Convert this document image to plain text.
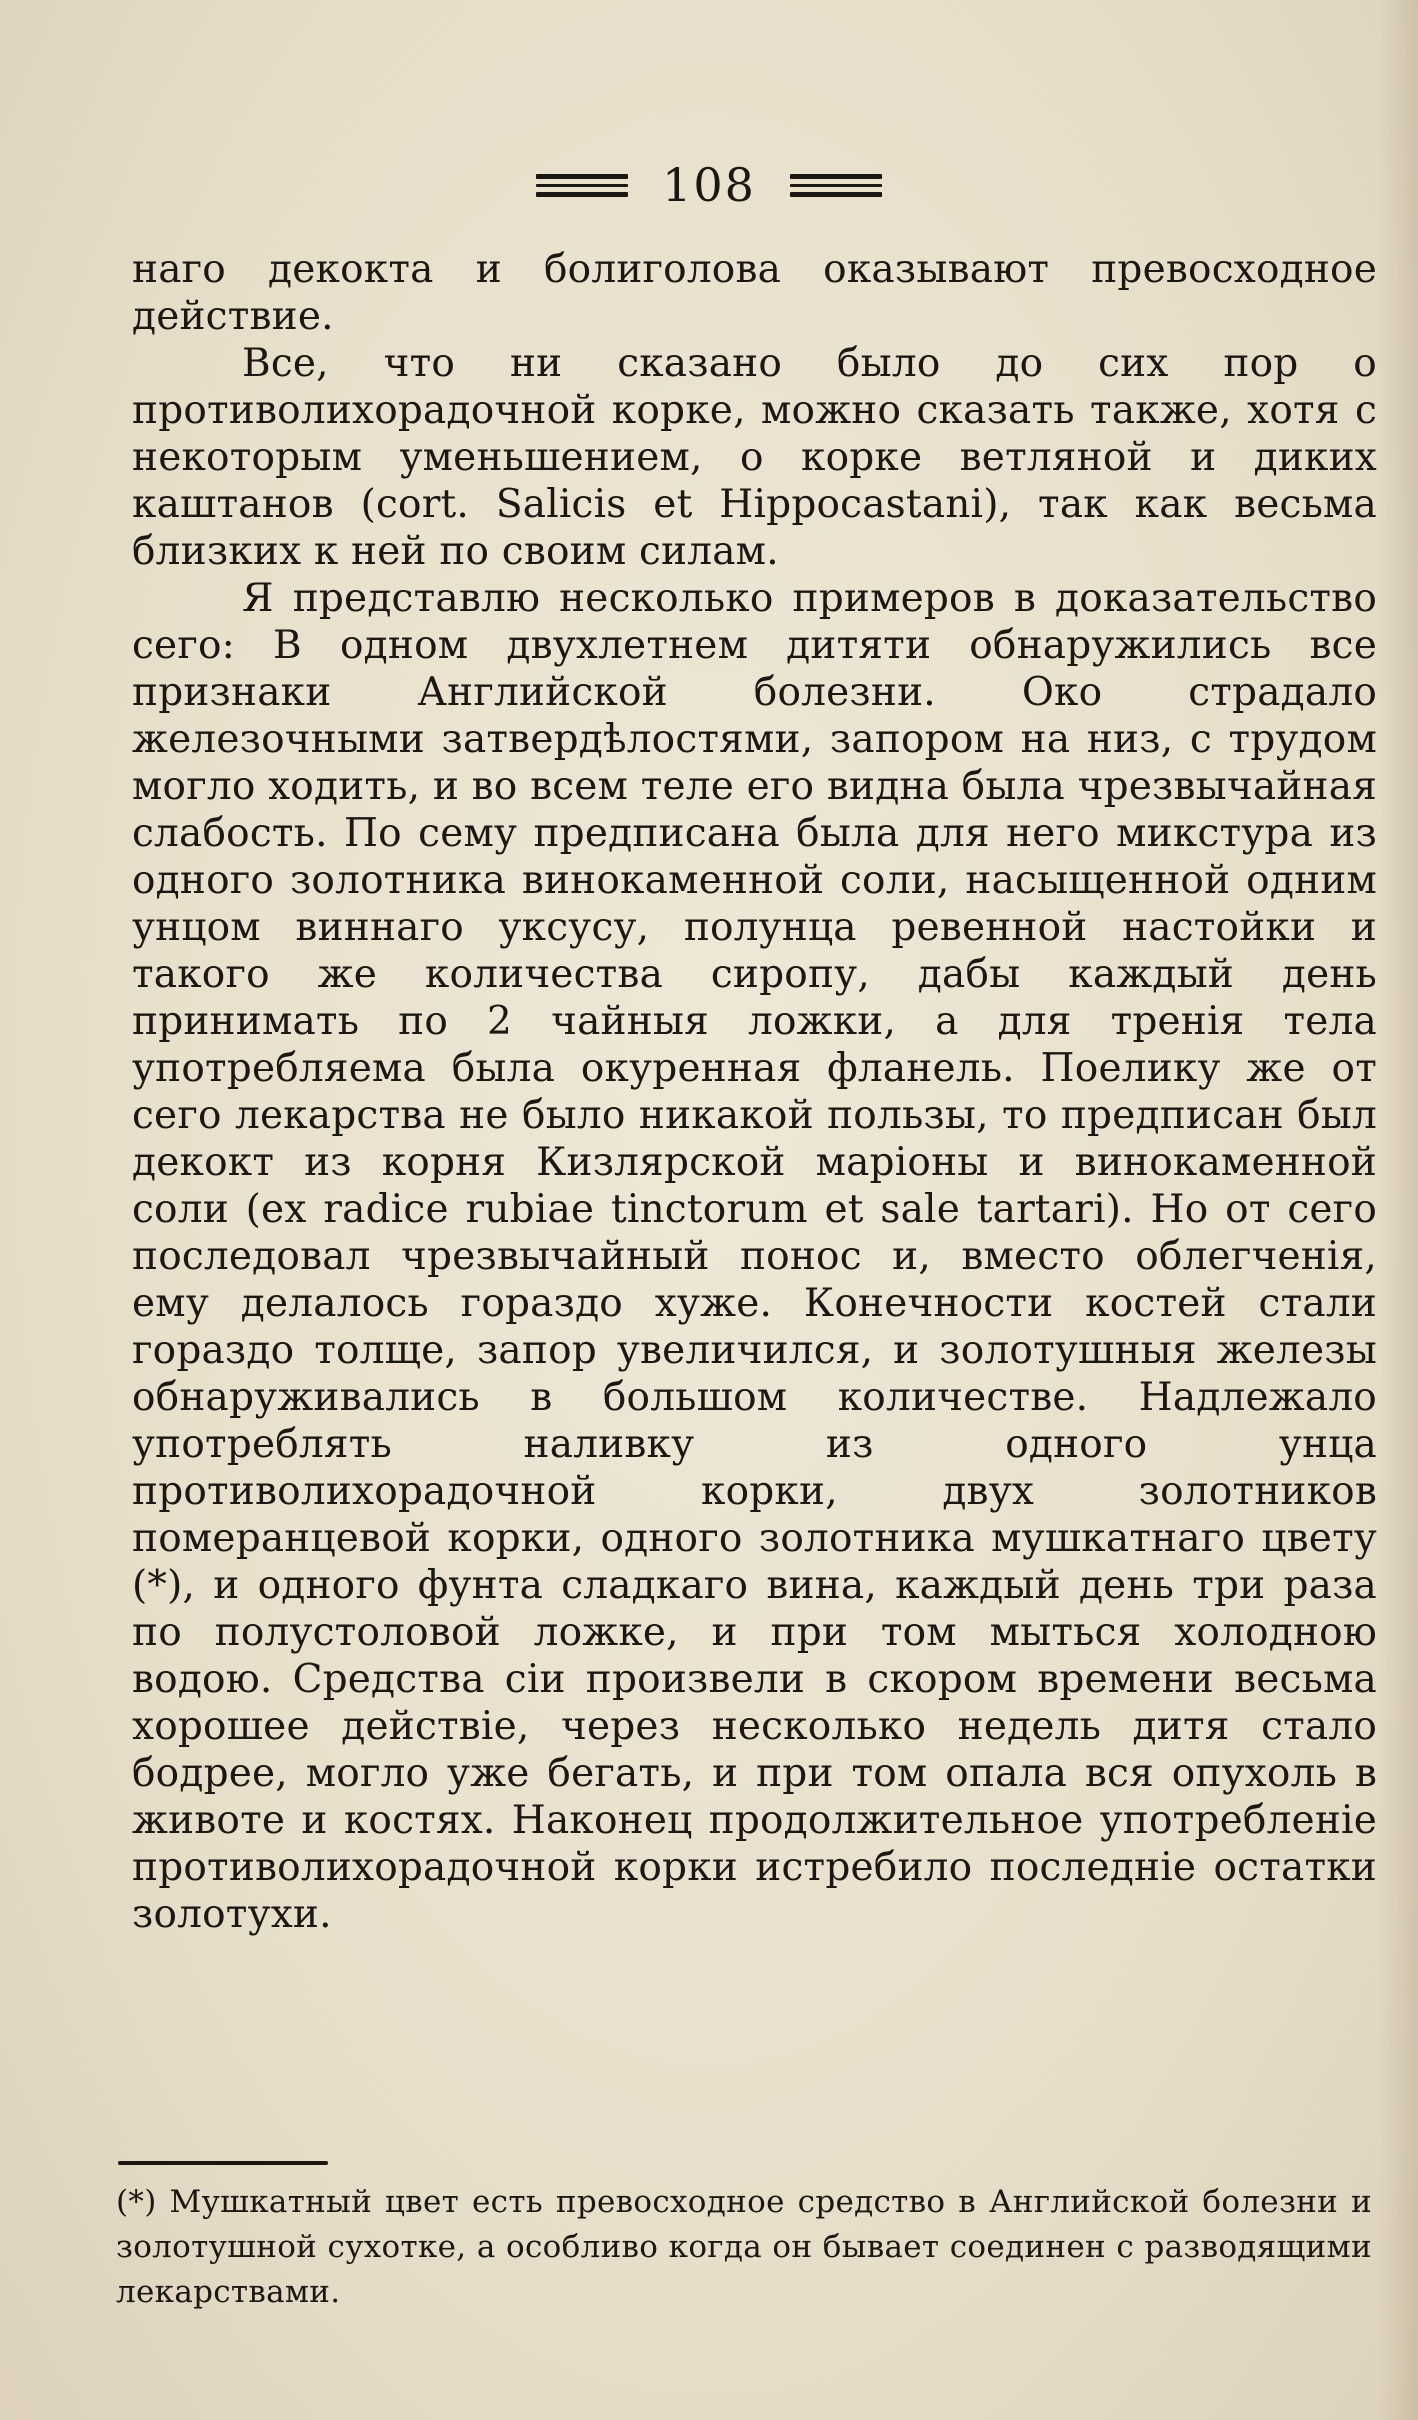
108

наго декокта и болиголова оказывают превосходное действие.

Все, что ни сказано было до сих пор о противолихорадочной корке, можно сказать также, хотя с некоторым уменьшением, о корке ветляной и диких каштанов (cort. Salicis et Hippocastani), так как весьма близких к ней по своим силам.

Я представлю несколько примеров в доказательство сего: В одном двухлетнем дитяти обнаружились все признаки Английской болезни. Око страдало железочными затвердѣлостями, запором на низ, с трудом могло ходить, и во всем теле его видна была чрезвычайная слабость. По сему предписана была для него микстура из одного золотника винокаменной соли, насыщенной одним унцом виннаго уксусу, полунца ревенной настойки и такого же количества сиропу, дабы каждый день принимать по 2 чайныя ложки, а для тренія тела употребляема была окуренная фланель. Поелику же от сего лекарства не было никакой пользы, то предписан был декокт из корня Кизлярской маріоны и винокаменной соли (ex radice rubiae tinctorum et sale tartari). Но от сего последовал чрезвычайный понос и, вместо облегченія, ему делалось гораздо хуже. Конечности костей стали гораздо толще, запор увеличился, и золотушныя железы обнаруживались в большом количестве. Надлежало употреблять наливку из одного унца противолихорадочной корки, двух золотников померанцевой корки, одного золотника мушкатнаго цвету (*), и одного фунта сладкаго вина, каждый день три раза по полустоловой ложке, и при том мыться холодною водою. Средства сіи произвели в скором времени весьма хорошее действіе, через несколько недель дитя стало бодрее, могло уже бегать, и при том опала вся опухоль в животе и костях. Наконец продолжительное употребленіе противолихорадочной корки истребило последніе остатки золотухи.

(*) Мушкатный цвет есть превосходное средство в Английской болезни и золотушной сухотке, а особливо когда он бывает соединен с разводящими лекарствами.
